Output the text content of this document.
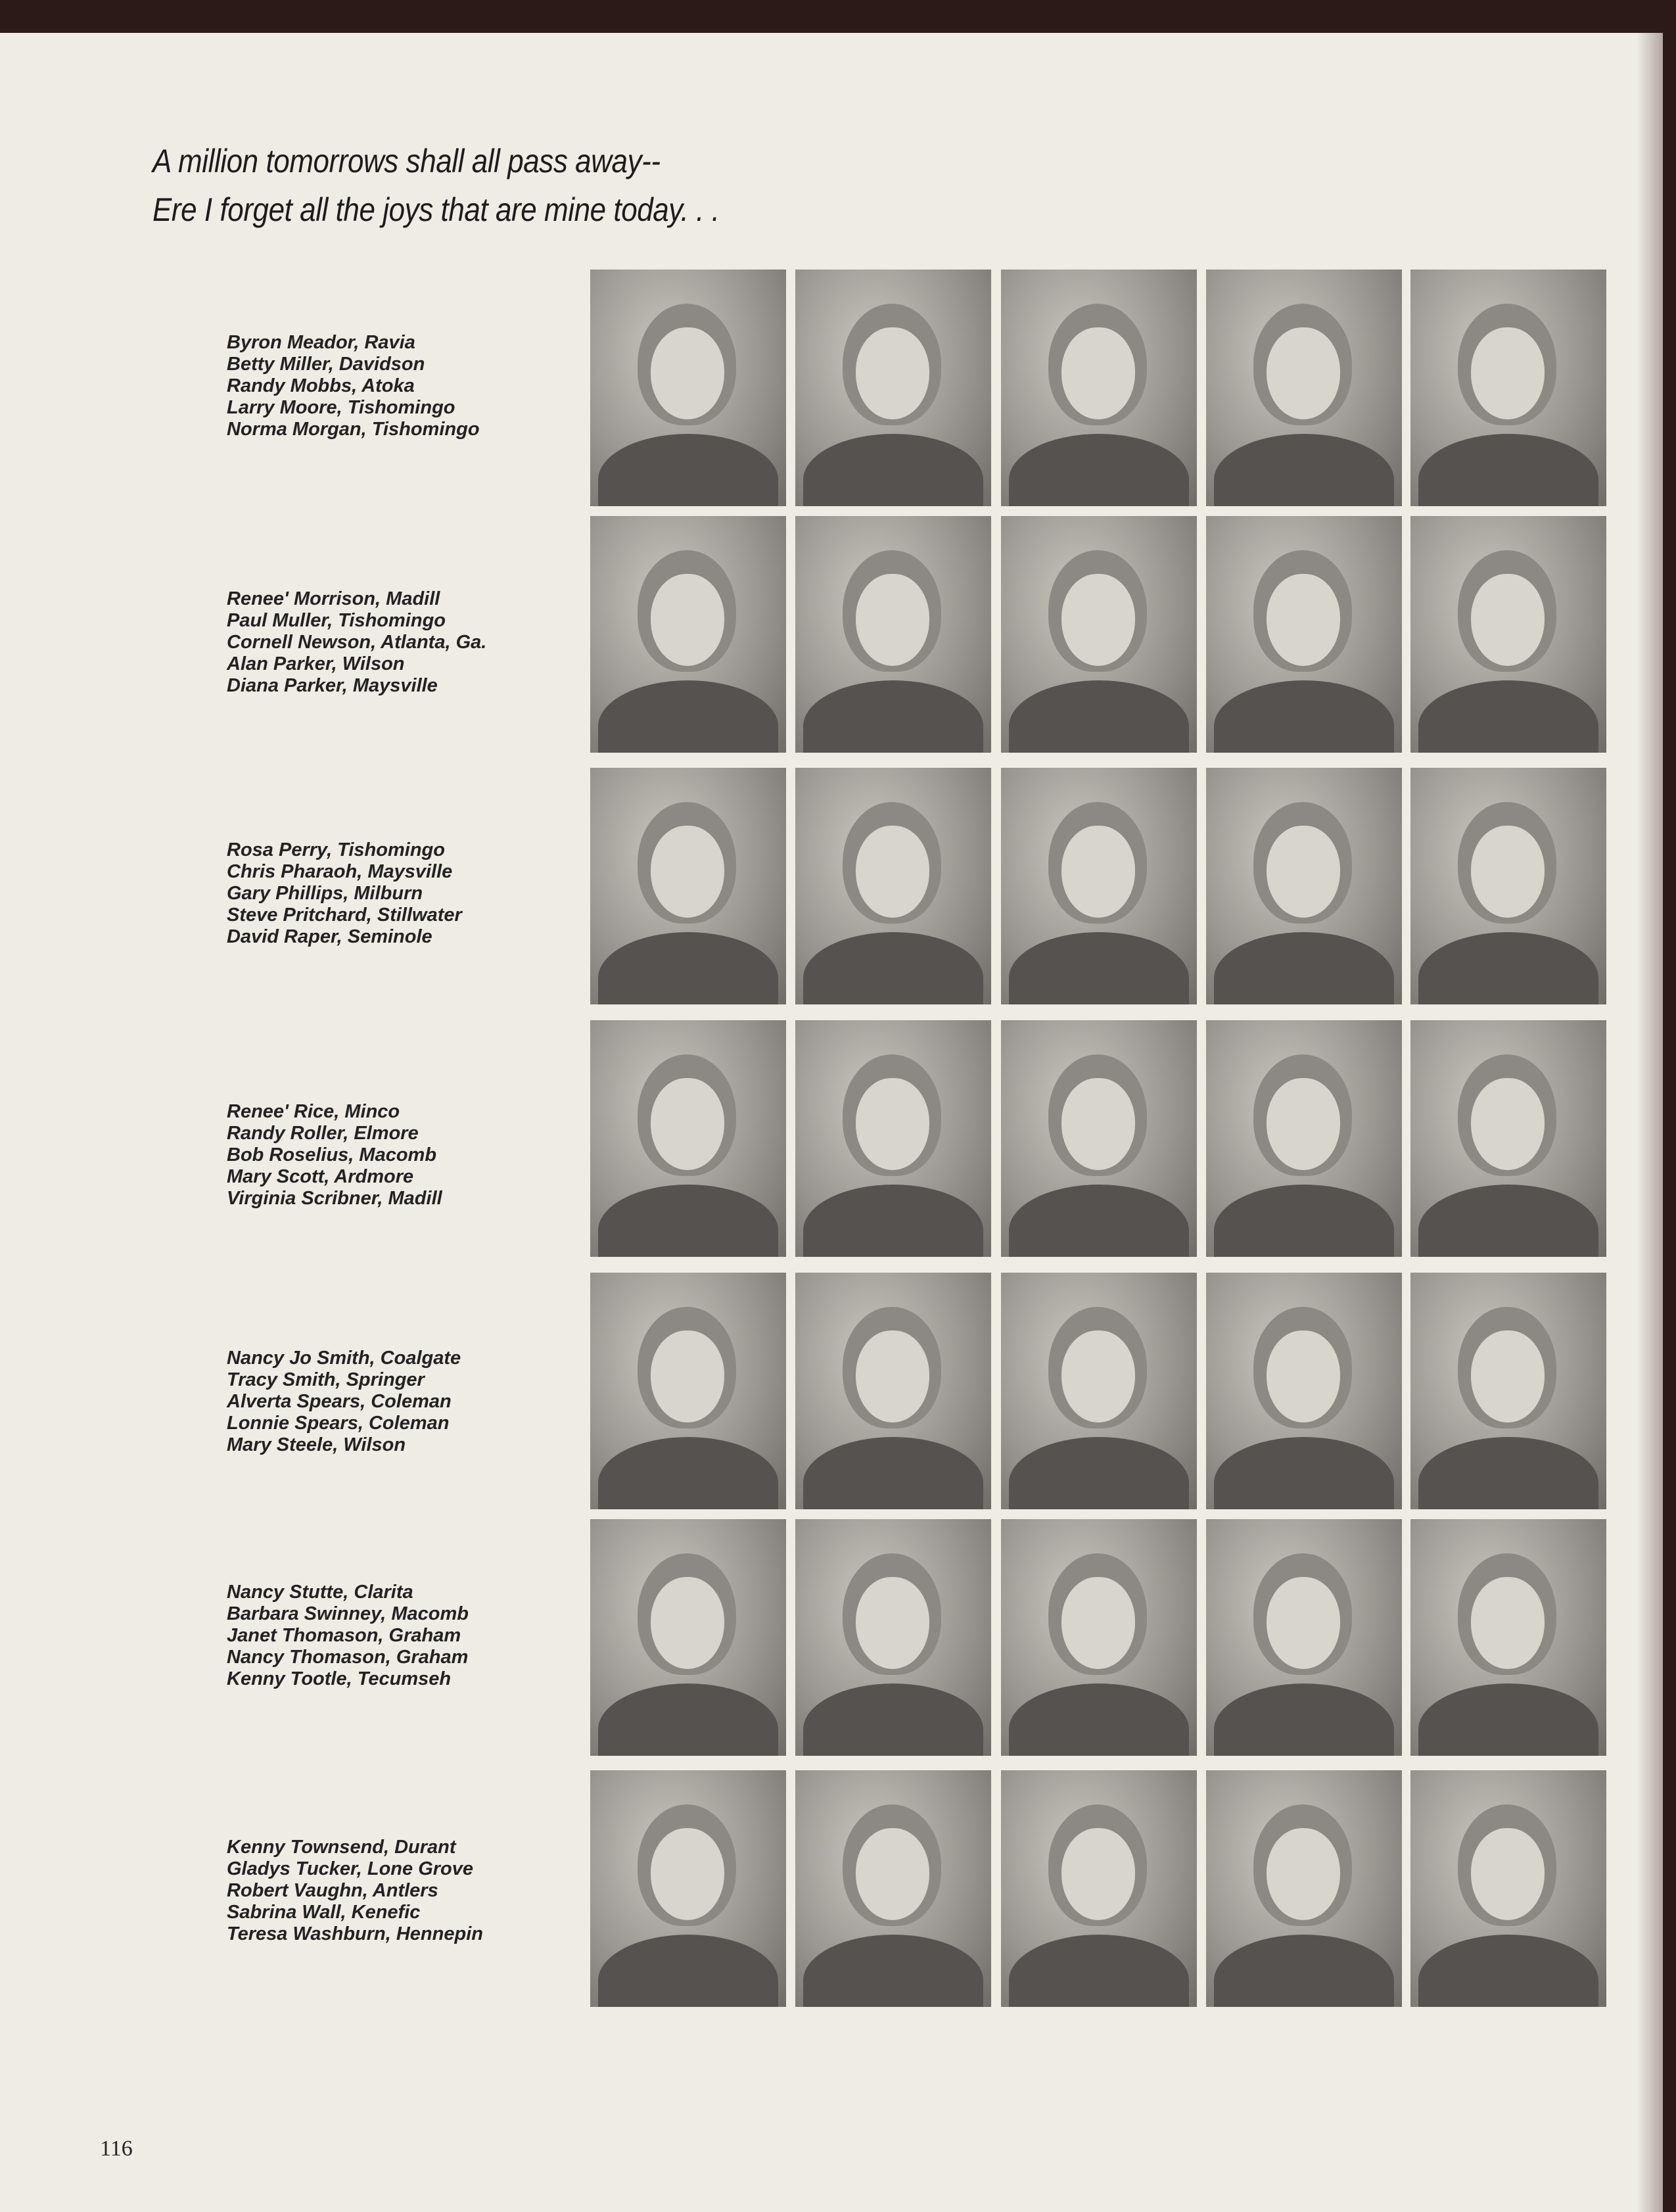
A million tomorrows shall all pass away--
Ere I forget all the joys that are mine today. . .

Byron Meador, Ravia
Betty Miller, Davidson
Randy Mobbs, Atoka
Larry Moore, Tishomingo
Norma Morgan, Tishomingo
Renee' Morrison, Madill
Paul Muller, Tishomingo
Cornell Newson, Atlanta, Ga.
Alan Parker, Wilson
Diana Parker, Maysville
Rosa Perry, Tishomingo
Chris Pharaoh, Maysville
Gary Phillips, Milburn
Steve Pritchard, Stillwater
David Raper, Seminole
Renee' Rice, Minco
Randy Roller, Elmore
Bob Roselius, Macomb
Mary Scott, Ardmore
Virginia Scribner, Madill
Nancy Jo Smith, Coalgate
Tracy Smith, Springer
Alverta Spears, Coleman
Lonnie Spears, Coleman
Mary Steele, Wilson
Nancy Stutte, Clarita
Barbara Swinney, Macomb
Janet Thomason, Graham
Nancy Thomason, Graham
Kenny Tootle, Tecumseh
Kenny Townsend, Durant
Gladys Tucker, Lone Grove
Robert Vaughn, Antlers
Sabrina Wall, Kenefic
Teresa Washburn, Hennepin

116
